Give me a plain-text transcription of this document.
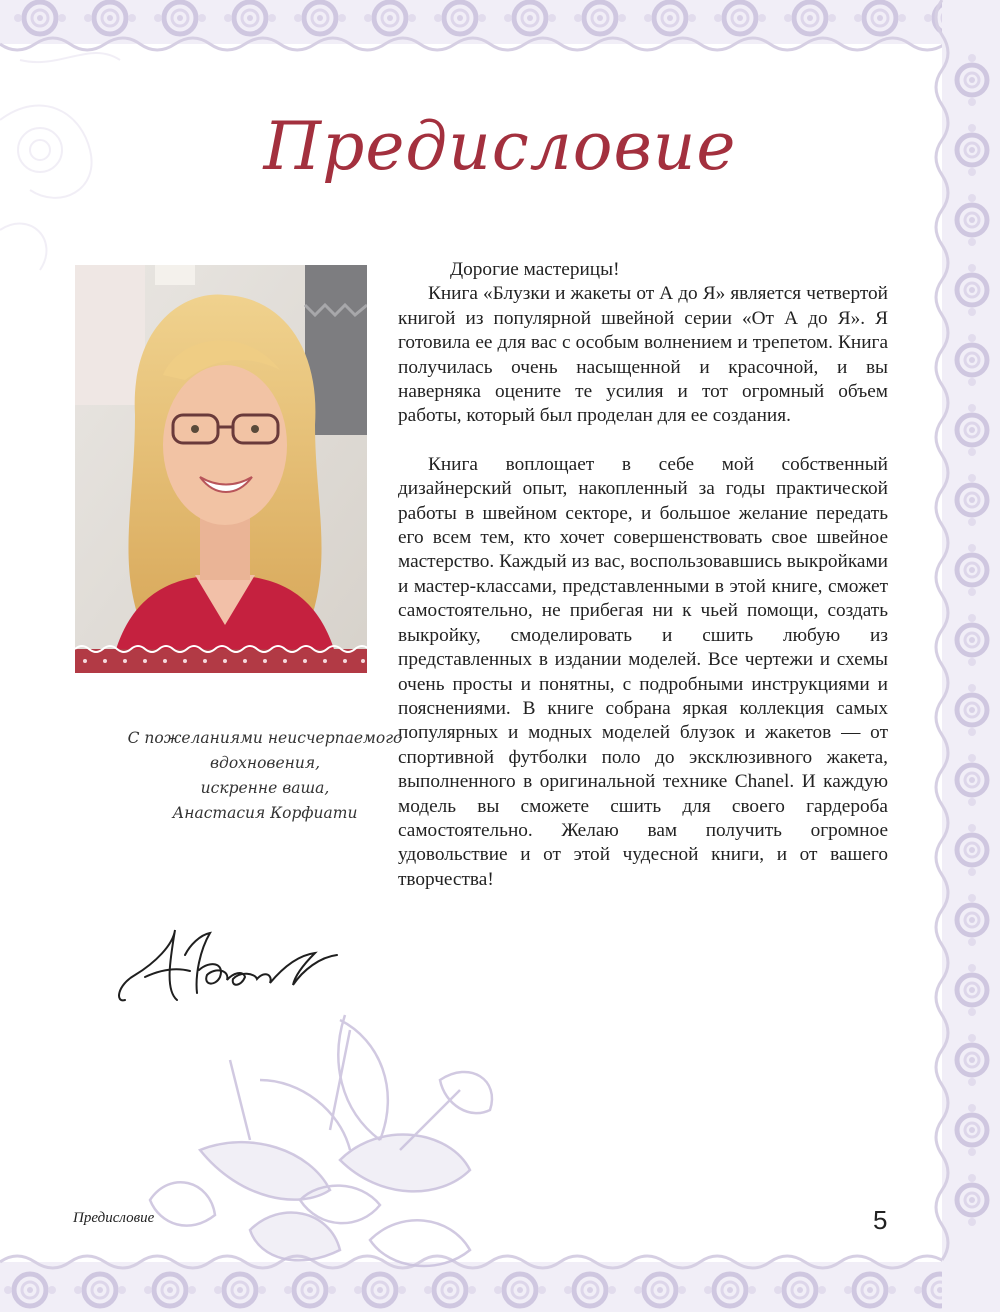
Предисловие

Дорогие мастерицы!

Книга «Блузки и жакеты от А до Я» является четвертой книгой из популярной швейной серии «От А до Я». Я готовила ее для вас с особым волнением и трепетом. Книга получилась очень насыщенной и красочной, и вы наверняка оцените те усилия и тот огромный объем работы, который был проделан для ее создания.

Книга воплощает в себе мой собственный дизайнерский опыт, накопленный за годы практической работы в швейном секторе, и большое желание передать его всем тем, кто хочет совершенствовать свое швейное мастерство. Каждый из вас, воспользовавшись выкройками и мастер-классами, представленными в этой книге, сможет самостоятельно, не прибегая ни к чьей помощи, создать выкройку, смоделировать и сшить любую из представленных в издании моделей. Все чертежи и схемы очень просты и понятны, с подробными инструкциями и пояснениями. В книге собрана яркая коллекция самых популярных и модных моделей блузок и жакетов — от спортивной футболки поло до эксклюзивного жакета, выполненного в оригинальной технике Chanel. И каждую модель вы сможете сшить для своего гардероба самостоятельно. Желаю вам получить огромное удовольствие и от этой чудесной книги, и от вашего творчества!

С пожеланиями неисчерпаемого
вдохновения,
искренне ваша,
Анастасия Корфиати
Предисловие	5
